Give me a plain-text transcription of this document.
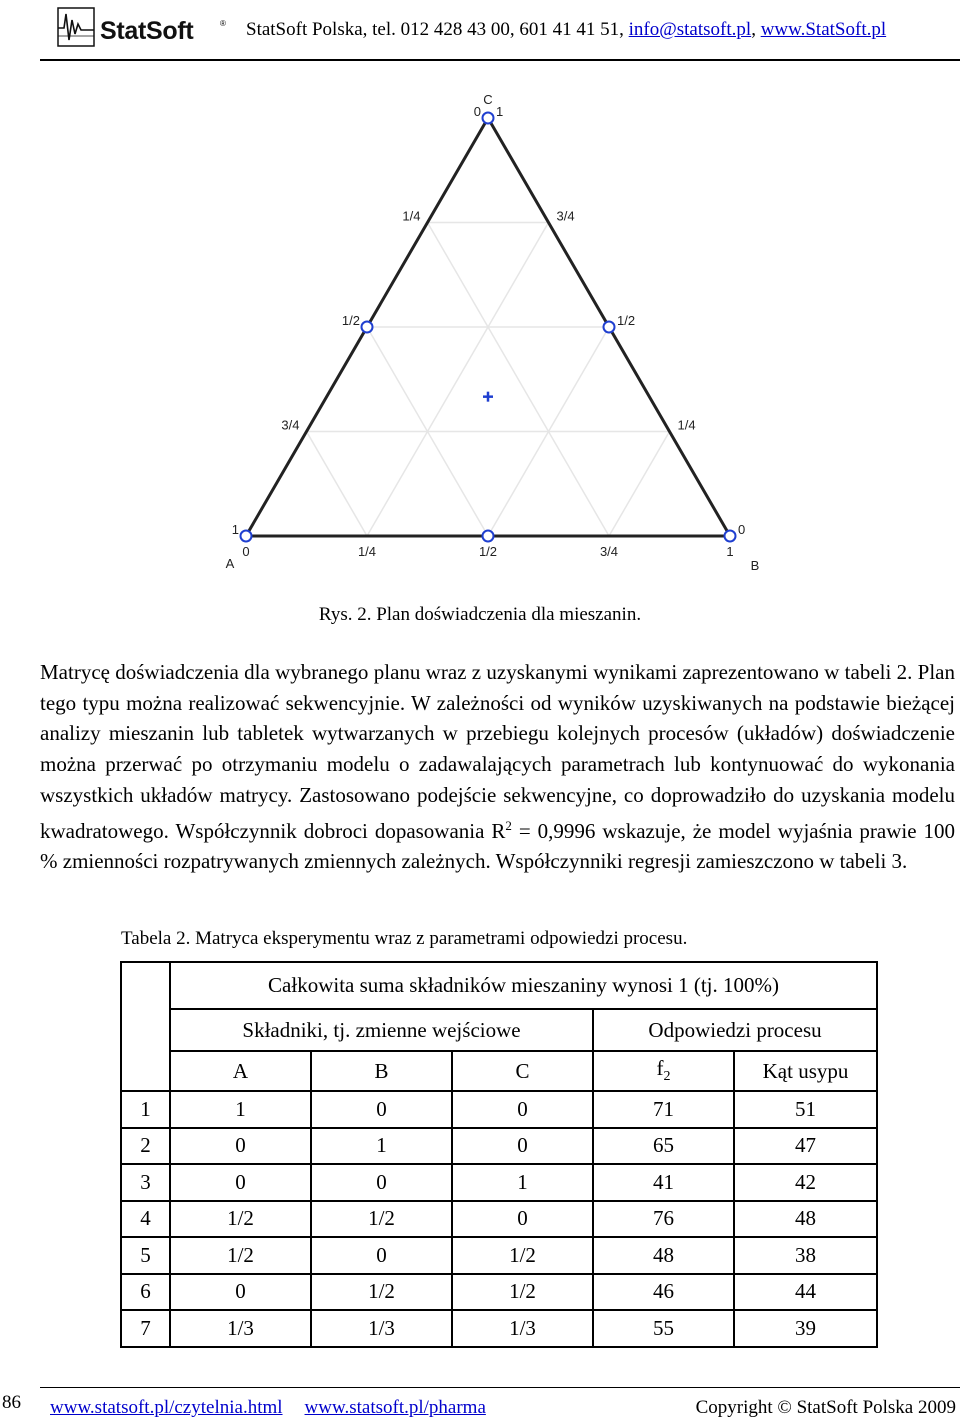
StatSoft	® StatSoft Polska, tel. 012 428 43 00, 601 41 41 51, info@statsoft.pl, www.StatSoft.pl
0	1/4	1/2	3/4	1
1
3/4
1/2
1/4
0
0
1/4
1/2
3/4
1
A	B
C
Rys. 2. Plan doświadczenia dla mieszanin.

Matrycę doświadczenia dla wybranego planu wraz z uzyskanymi wynikami zaprezentowano w tabeli 2. Plan tego typu można realizować sekwencyjnie. W zależności od wyników uzyskiwanych na podstawie bieżącej analizy mieszanin lub tabletek wytwarzanych w przebiegu kolejnych procesów (układów) doświadczenie można przerwać po otrzymaniu modelu o zadawalających parametrach lub kontynuować do wykonania wszystkich układów matrycy. Zastosowano podejście sekwencyjne, co doprowadziło do uzyskania modelu kwadratowego. Współczynnik dobroci dopasowania $R^2 = 0,9996$ wskazuje, że model wyjaśnia prawie 100 % zmienności rozpatrywanych zmiennych zależnych. Współczynniki regresji zamieszczono w tabeli 3.

Tabela 2. Matryca eksperymentu wraz z parametrami odpowiedzi procesu.
	Całkowita suma składników mieszaniny wynosi 1 (tj. 100%)				
	Składniki, tj. zmienne wejściowe			Odpowiedzi procesu	
	A	B	C	$f_2$	Kąt usypu
1	1	0	0	71	51
2	0	1	0	65	47
3	0	0	1	41	42
4	1/2	1/2	0	76	48
5	1/2	0	1/2	48	38
6	0	1/2	1/2	46	44
7	1/3	1/3	1/3	55	39
86 www.statsoft.pl/czytelnia.html www.statsoft.pl/pharma	Copyright © StatSoft Polska 2009
